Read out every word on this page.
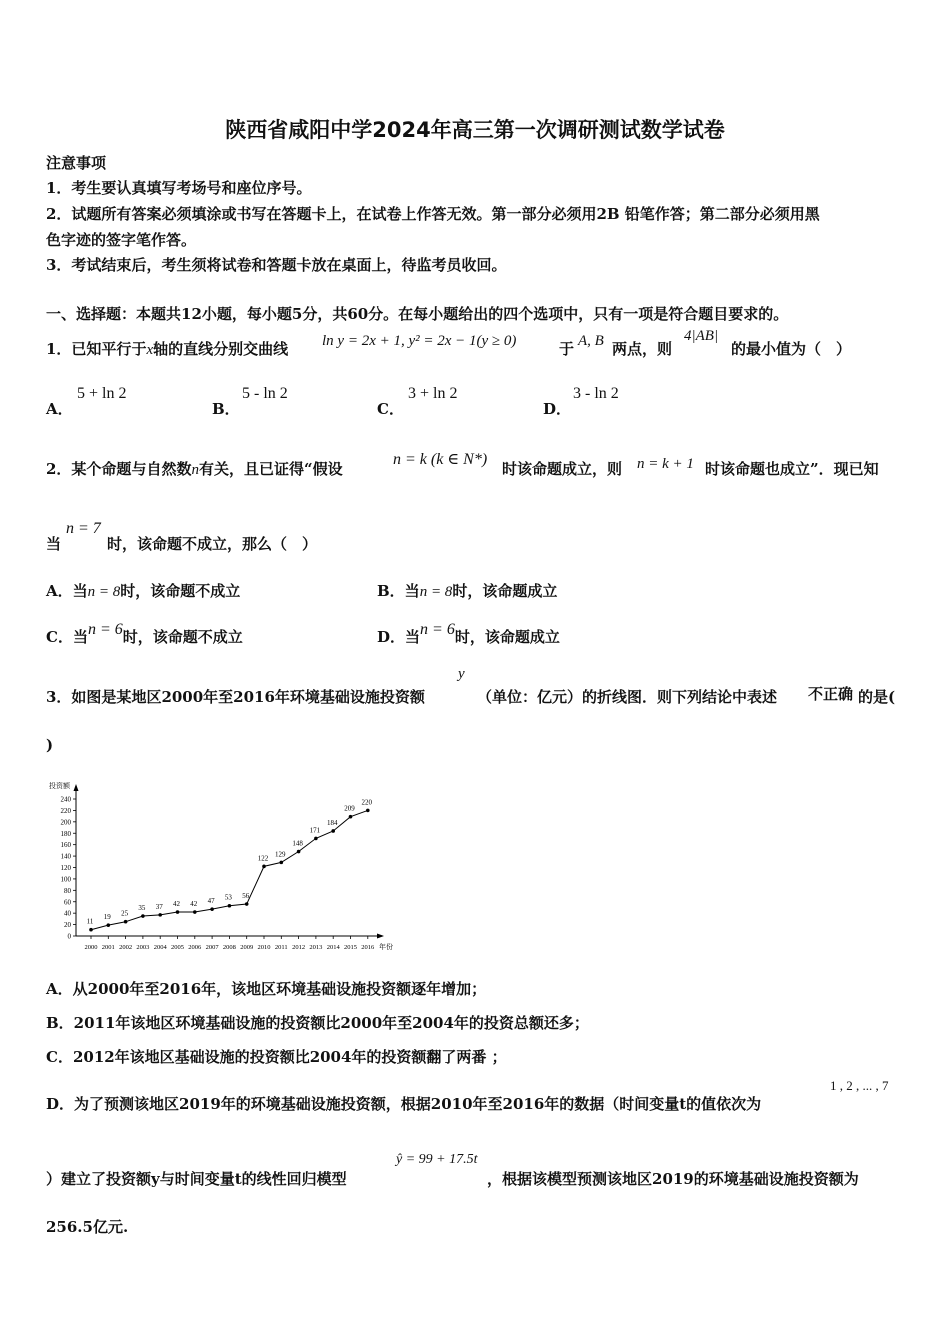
陕西省咸阳中学2024年高三第一次调研测试数学试卷
注意事项
1．考生要认真填写考场号和座位序号。
2．试题所有答案必须填涂或书写在答题卡上，在试卷上作答无效。第一部分必须用2B 铅笔作答；第二部分必须用黑
色字迹的签字笔作答。
3．考试结束后，考生须将试卷和答题卡放在桌面上，待监考员收回。
一、选择题：本题共12小题，每小题5分，共60分。在每小题给出的四个选项中，只有一项是符合题目要求的。
1．已知平行于x轴的直线分别交曲线 ln y = 2x + 1, y² = 2x − 1(y ≥ 0)	于 A, B 两点，则
4|AB|
的最小值为（　）
A．
5 + ln 2
B．
5 - ln 2
C．
3 + ln 2
D．
3 - ln 2
2．某个命题与自然数n有关，且已证得“假设
n = k (k ∈ N*)
时该命题成立，则 n = k + 1 时该命题也成立”．现已知
当
n = 7
时，该命题不成立，那么（　）
A．当n = 8时，该命题不成立	B．当n = 8时，该命题成立
C．当n = 6时，该命题不成立	D．当n = 6时，该命题成立
3．如图是某地区2000年至2016年环境基础设施投资额
y
（单位：亿元）的折线图．则下列结论中表述 不正确 的是(
)
0
20
40
60
80
100
120
140
160
180
200
220
240
2000 2001 2002 2003 2004 2005 2006 2007 2008 2009 2010 2011 2012 2013 2014 2015 2016
投资额
年份
11
19 25
35 37 42 42 47 53 56
122 129
148
171
184
209
220
A．从2000年至2016年，该地区环境基础设施投资额逐年增加；
B．2011年该地区环境基础设施的投资额比2000年至2004年的投资总额还多；
C．2012年该地区基础设施的投资额比2004年的投资额翻了两番 ；
D．为了预测该地区2019年的环境基础设施投资额，根据2010年至2016年的数据（时间变量t的值依次为
1 , 2 , ... , 7
）建立了投资额y与时间变量t的线性回归模型
ŷ = 99 + 17.5t
，根据该模型预测该地区2019的环境基础设施投资额为
256.5亿元.
